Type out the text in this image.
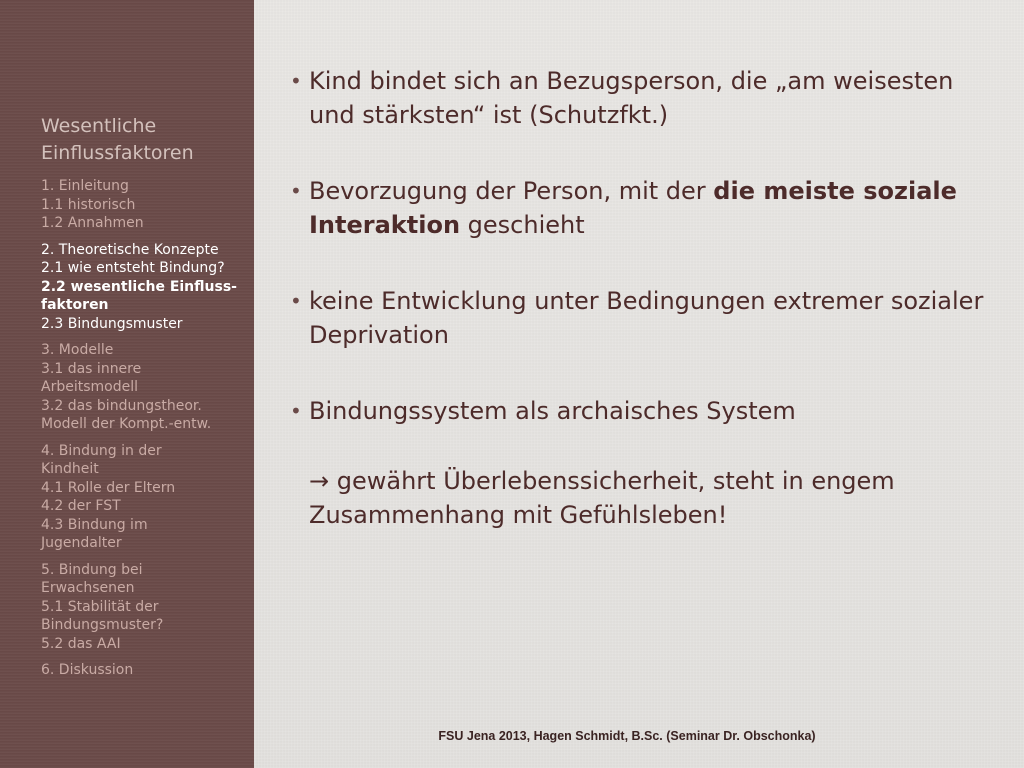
Wesentliche Einflussfaktoren
1. Einleitung
1.1 historisch
1.2 Annahmen
2. Theoretische Konzepte
2.1 wie entsteht Bindung?
2.2 wesentliche Einfluss-
faktoren
2.3 Bindungsmuster
3. Modelle
3.1 das innere
Arbeitsmodell
3.2 das bindungstheor.
Modell der Kompt.-entw.
4. Bindung in der
Kindheit
4.1 Rolle der Eltern
4.2 der FST
4.3 Bindung im
Jugendalter
5. Bindung bei
Erwachsenen
5.1 Stabilität der
Bindungsmuster?
5.2 das AAI
6. Diskussion
• Kind bindet sich an Bezugsperson, die „am weisesten und stärksten“ ist (Schutzfkt.)
• Bevorzugung der Person, mit der die meiste soziale Interaktion geschieht
• keine Entwicklung unter Bedingungen extremer sozialer Deprivation
• Bindungssystem als archaisches System
→ gewährt Überlebenssicherheit, steht in engem Zusammenhang mit Gefühlsleben!
FSU Jena 2013, Hagen Schmidt, B.Sc. (Seminar Dr. Obschonka)
